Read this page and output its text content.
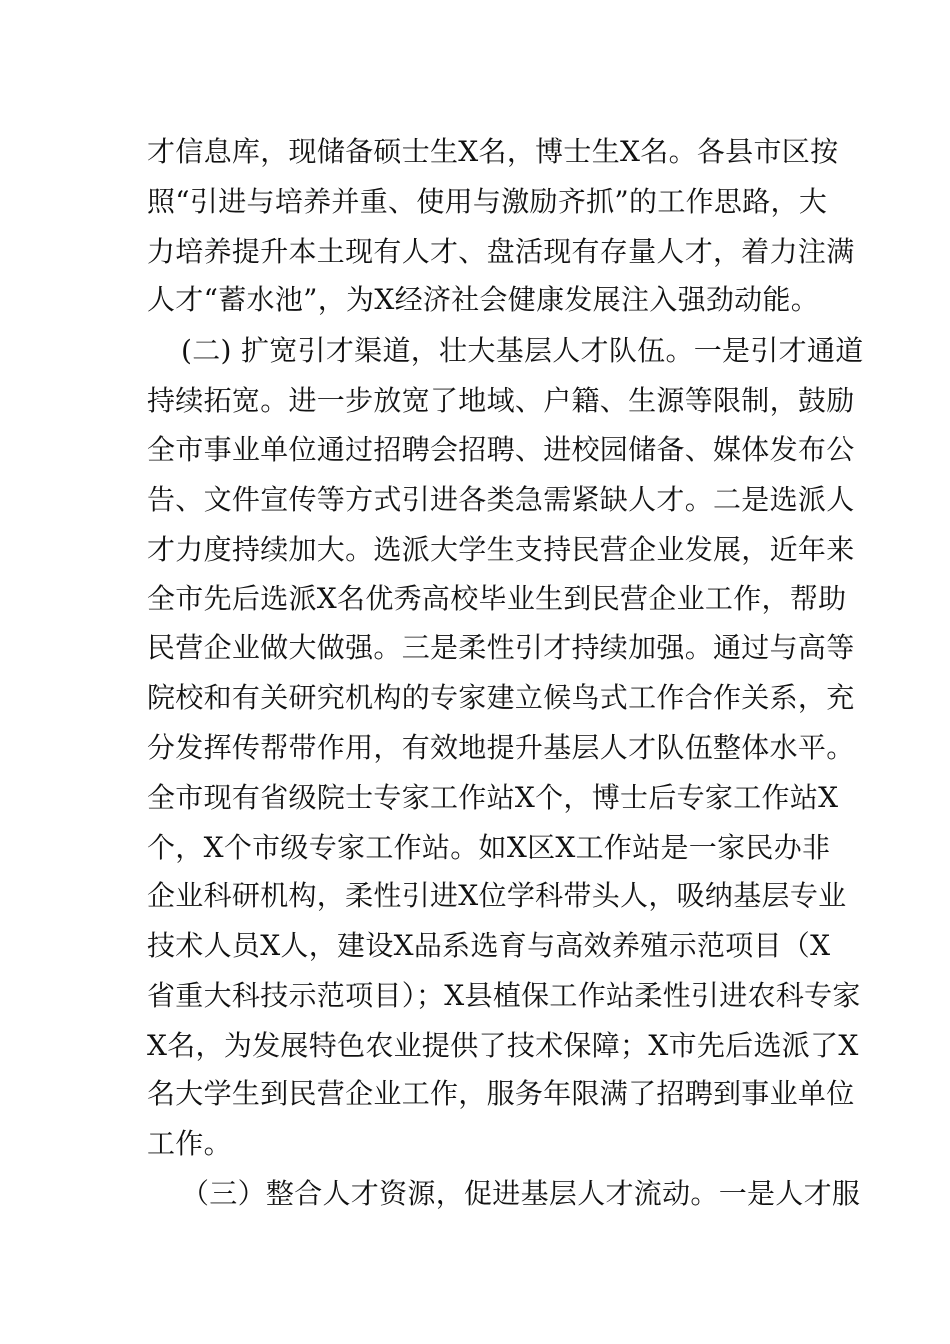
才信息库，现储备硕士生X名，博士生X名。各县市区按
照“引进与培养并重、使用与激励齐抓”的工作思路，大
力培养提升本土现有人才、盘活现有存量人才，着力注满
人才“蓄水池”，为X经济社会健康发展注入强劲动能。
(二) 扩宽引才渠道，壮大基层人才队伍。一是引才通道
持续拓宽。进一步放宽了地域、户籍、生源等限制，鼓励
全市事业单位通过招聘会招聘、进校园储备、媒体发布公
告、文件宣传等方式引进各类急需紧缺人才。二是选派人
才力度持续加大。选派大学生支持民营企业发展，近年来
全市先后选派X名优秀高校毕业生到民营企业工作，帮助
民营企业做大做强。三是柔性引才持续加强。通过与高等
院校和有关研究机构的专家建立候鸟式工作合作关系，充
分发挥传帮带作用，有效地提升基层人才队伍整体水平。
全市现有省级院士专家工作站X个，博士后专家工作站X
个，X个市级专家工作站。如X区X工作站是一家民办非
企业科研机构，柔性引进X位学科带头人，吸纳基层专业
技术人员X人，建设X品系选育与高效养殖示范项目（X
省重大科技示范项目）；X县植保工作站柔性引进农科专家
X名，为发展特色农业提供了技术保障；X市先后选派了X
名大学生到民营企业工作，服务年限满了招聘到事业单位
工作。
（三）整合人才资源，促进基层人才流动。一是人才服
